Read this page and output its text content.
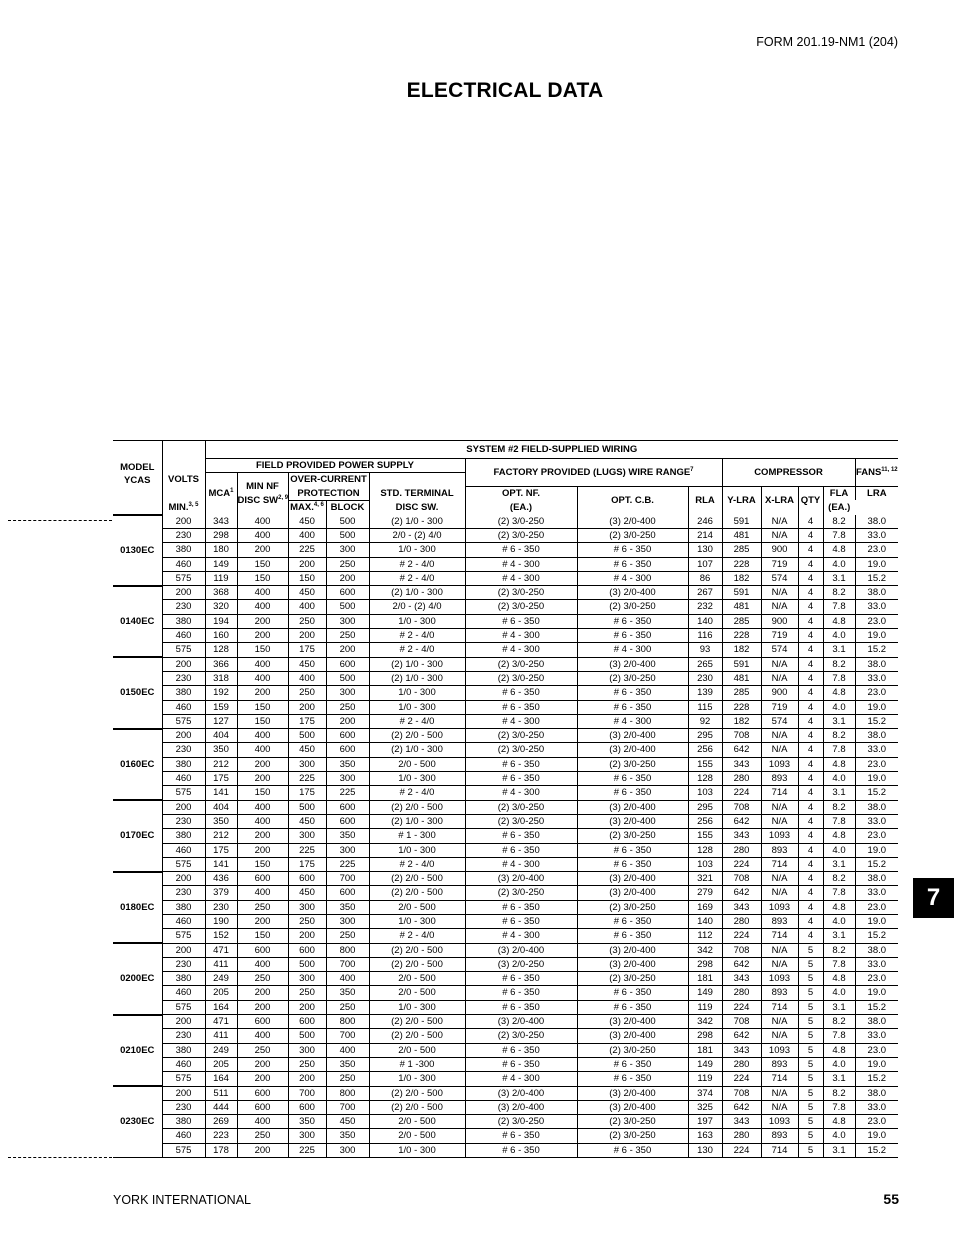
FORM 201.19-NM1 (204)
ELECTRICAL DATA
7
		SYSTEM #2 FIELD-SUPPLIED WIRING												
MODEL YCAS	VOLTS	FIELD PROVIDED POWER SUPPLY					FACTORY PROVIDED (LUGS) WIRE RANGE$^7$			COMPRESSOR				FANS$^{11, 12}$
		MCA$^1$	MIN NF
DISC SW$^{2, 9}$	OVER-CURRENT										
				PROTECTION		STD. TERMINAL	OPT. NF.	OPT. C.B.	RLA	Y-LRA	X-LRA	QTY	FLA	LRA
	MIN.$^{3, 5}$			MAX.$^{4, 6}$	BLOCK	DISC SW.	(EA.)						(EA.)	
0130EC	200	343	400	450	500	(2) 1/0 - 300	(2) 3/0-250	(3) 2/0-400	246	591	N/A	4	8.2	38.0
	230	298	400	400	500	2/0 - (2) 4/0	(2) 3/0-250	(2) 3/0-250	214	481	N/A	4	7.8	33.0
	380	180	200	225	300	1/0 - 300	# 6 - 350	# 6 - 350	130	285	900	4	4.8	23.0
	460	149	150	200	250	# 2 - 4/0	# 4 - 300	# 6 - 350	107	228	719	4	4.0	19.0
	575	119	150	150	200	# 2 - 4/0	# 4 - 300	# 4 - 300	86	182	574	4	3.1	15.2
0140EC	200	368	400	450	600	(2) 1/0 - 300	(2) 3/0-250	(3) 2/0-400	267	591	N/A	4	8.2	38.0
	230	320	400	400	500	2/0 - (2) 4/0	(2) 3/0-250	(2) 3/0-250	232	481	N/A	4	7.8	33.0
	380	194	200	250	300	1/0 - 300	# 6 - 350	# 6 - 350	140	285	900	4	4.8	23.0
	460	160	200	200	250	# 2 - 4/0	# 4 - 300	# 6 - 350	116	228	719	4	4.0	19.0
	575	128	150	175	200	# 2 - 4/0	# 4 - 300	# 4 - 300	93	182	574	4	3.1	15.2
0150EC	200	366	400	450	600	(2) 1/0 - 300	(2) 3/0-250	(3) 2/0-400	265	591	N/A	4	8.2	38.0
	230	318	400	400	500	(2) 1/0 - 300	(2) 3/0-250	(2) 3/0-250	230	481	N/A	4	7.8	33.0
	380	192	200	250	300	1/0 - 300	# 6 - 350	# 6 - 350	139	285	900	4	4.8	23.0
	460	159	150	200	250	1/0 - 300	# 6 - 350	# 6 - 350	115	228	719	4	4.0	19.0
	575	127	150	175	200	# 2 - 4/0	# 4 - 300	# 4 - 300	92	182	574	4	3.1	15.2
0160EC	200	404	400	500	600	(2) 2/0 - 500	(2) 3/0-250	(3) 2/0-400	295	708	N/A	4	8.2	38.0
	230	350	400	450	600	(2) 1/0 - 300	(2) 3/0-250	(3) 2/0-400	256	642	N/A	4	7.8	33.0
	380	212	200	300	350	2/0 - 500	# 6 - 350	(2) 3/0-250	155	343	1093	4	4.8	23.0
	460	175	200	225	300	1/0 - 300	# 6 - 350	# 6 - 350	128	280	893	4	4.0	19.0
	575	141	150	175	225	# 2 - 4/0	# 4 - 300	# 6 - 350	103	224	714	4	3.1	15.2
0170EC	200	404	400	500	600	(2) 2/0 - 500	(2) 3/0-250	(3) 2/0-400	295	708	N/A	4	8.2	38.0
	230	350	400	450	600	(2) 1/0 - 300	(2) 3/0-250	(3) 2/0-400	256	642	N/A	4	7.8	33.0
	380	212	200	300	350	# 1 - 300	# 6 - 350	(2) 3/0-250	155	343	1093	4	4.8	23.0
	460	175	200	225	300	1/0 - 300	# 6 - 350	# 6 - 350	128	280	893	4	4.0	19.0
	575	141	150	175	225	# 2 - 4/0	# 4 - 300	# 6 - 350	103	224	714	4	3.1	15.2
0180EC	200	436	600	600	700	(2) 2/0 - 500	(3) 2/0-400	(3) 2/0-400	321	708	N/A	4	8.2	38.0
	230	379	400	450	600	(2) 2/0 - 500	(2) 3/0-250	(3) 2/0-400	279	642	N/A	4	7.8	33.0
	380	230	250	300	350	2/0 - 500	# 6 - 350	(2) 3/0-250	169	343	1093	4	4.8	23.0
	460	190	200	250	300	1/0 - 300	# 6 - 350	# 6 - 350	140	280	893	4	4.0	19.0
	575	152	150	200	250	# 2 - 4/0	# 4 - 300	# 6 - 350	112	224	714	4	3.1	15.2
0200EC	200	471	600	600	800	(2) 2/0 - 500	(3) 2/0-400	(3) 2/0-400	342	708	N/A	5	8.2	38.0
	230	411	400	500	700	(2) 2/0 - 500	(3) 2/0-250	(3) 2/0-400	298	642	N/A	5	7.8	33.0
	380	249	250	300	400	2/0 - 500	# 6 - 350	(2) 3/0-250	181	343	1093	5	4.8	23.0
	460	205	200	250	350	2/0 - 500	# 6 - 350	# 6 - 350	149	280	893	5	4.0	19.0
	575	164	200	200	250	1/0 - 300	# 6 - 350	# 6 - 350	119	224	714	5	3.1	15.2
0210EC	200	471	600	600	800	(2) 2/0 - 500	(3) 2/0-400	(3) 2/0-400	342	708	N/A	5	8.2	38.0
	230	411	400	500	700	(2) 2/0 - 500	(2) 3/0-250	(3) 2/0-400	298	642	N/A	5	7.8	33.0
	380	249	250	300	400	2/0 - 500	# 6 - 350	(2) 3/0-250	181	343	1093	5	4.8	23.0
	460	205	200	250	350	# 1 -300	# 6 - 350	# 6 - 350	149	280	893	5	4.0	19.0
	575	164	200	200	250	1/0 - 300	# 4 - 300	# 6 - 350	119	224	714	5	3.1	15.2
0230EC	200	511	600	700	800	(2) 2/0 - 500	(3) 2/0-400	(3) 2/0-400	374	708	N/A	5	8.2	38.0
	230	444	600	600	700	(2) 2/0 - 500	(3) 2/0-400	(3) 2/0-400	325	642	N/A	5	7.8	33.0
	380	269	400	350	450	2/0 - 500	(2) 3/0-250	(2) 3/0-250	197	343	1093	5	4.8	23.0
	460	223	250	300	350	2/0 - 500	# 6 - 350	(2) 3/0-250	163	280	893	5	4.0	19.0
	575	178	200	225	300	1/0 - 300	# 6 - 350	# 6 - 350	130	224	714	5	3.1	15.2
YORK INTERNATIONAL	55
